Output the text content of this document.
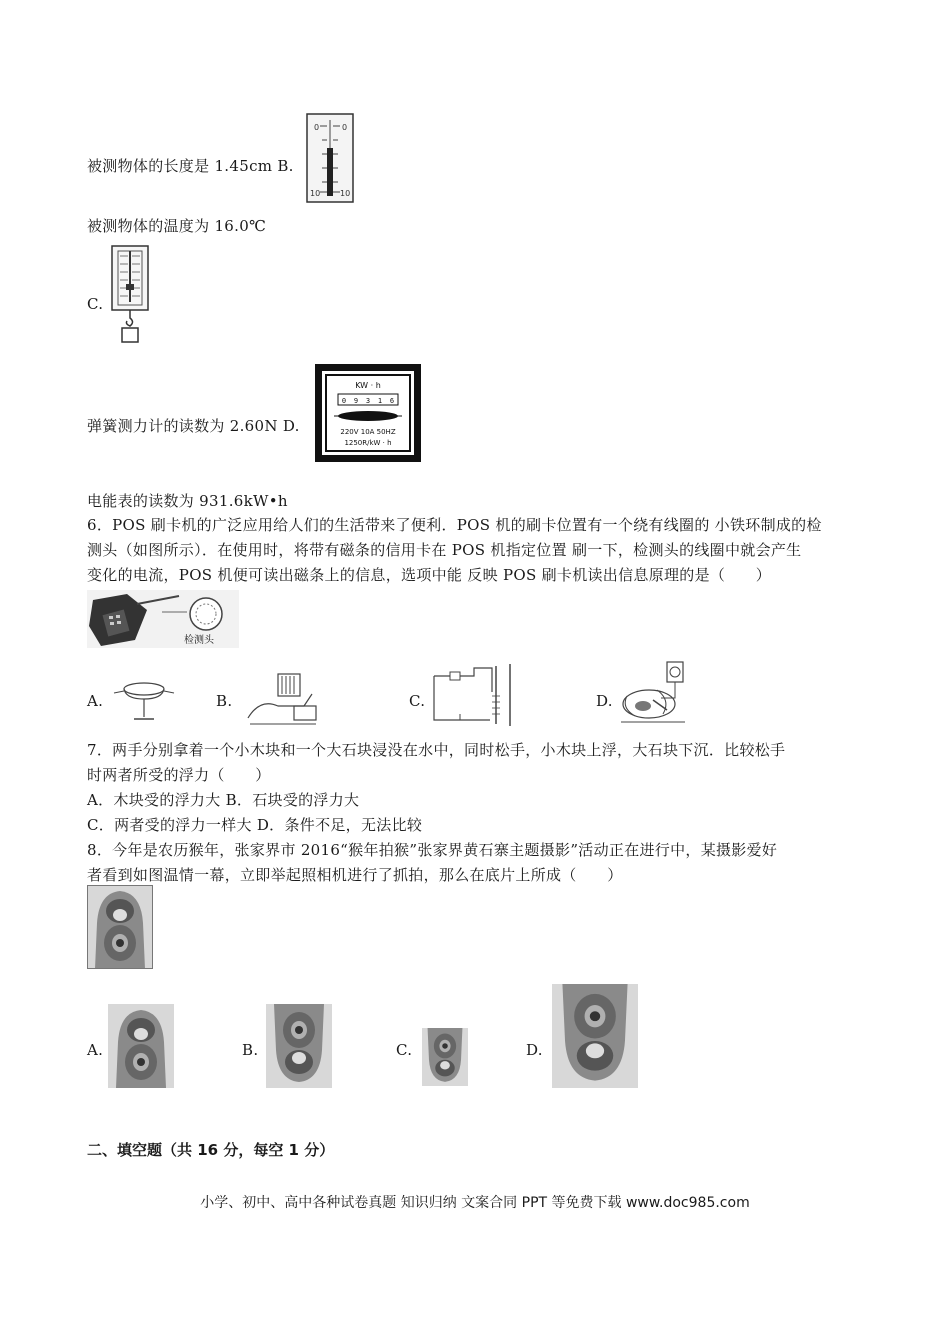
被测物体的长度是 1.45cm B.
0	0
10 10
被测物体的温度为 16.0℃
C.
KW · h
0 9 3 1 6
220V 10A 50HZ
1250R/kW · h
弹簧测力计的读数为 2.60N D.
电能表的读数为 931.6kW•h
6．POS 刷卡机的广泛应用给人们的生活带来了便利．POS 机的刷卡位置有一个绕有线圈的 小铁环制成的检
测头（如图所示）．在使用时，将带有磁条的信用卡在 POS 机指定位置 刷一下，检测头的线圈中就会产生
变化的电流，POS 机便可读出磁条上的信息，选项中能 反映 POS 刷卡机读出信息原理的是（　　）
检测头
A.	B.	C.	D.
7．两手分别拿着一个小木块和一个大石块浸没在水中，同时松手，小木块上浮，大石块下沉．比较松手
时两者所受的浮力（　　）
A．木块受的浮力大 B．石块受的浮力大
C．两者受的浮力一样大 D．条件不足，无法比较
8．今年是农历猴年，张家界市 2016“猴年拍猴”张家界黄石寨主题摄影”活动正在进行中，某摄影爱好
者看到如图温情一幕，立即举起照相机进行了抓拍，那么在底片上所成（　　）
A.	B.	C.	D.
二、填空题（共 16 分，每空 1 分）
小学、初中、高中各种试卷真题 知识归纳 文案合同 PPT 等免费下载 www.doc985.com
